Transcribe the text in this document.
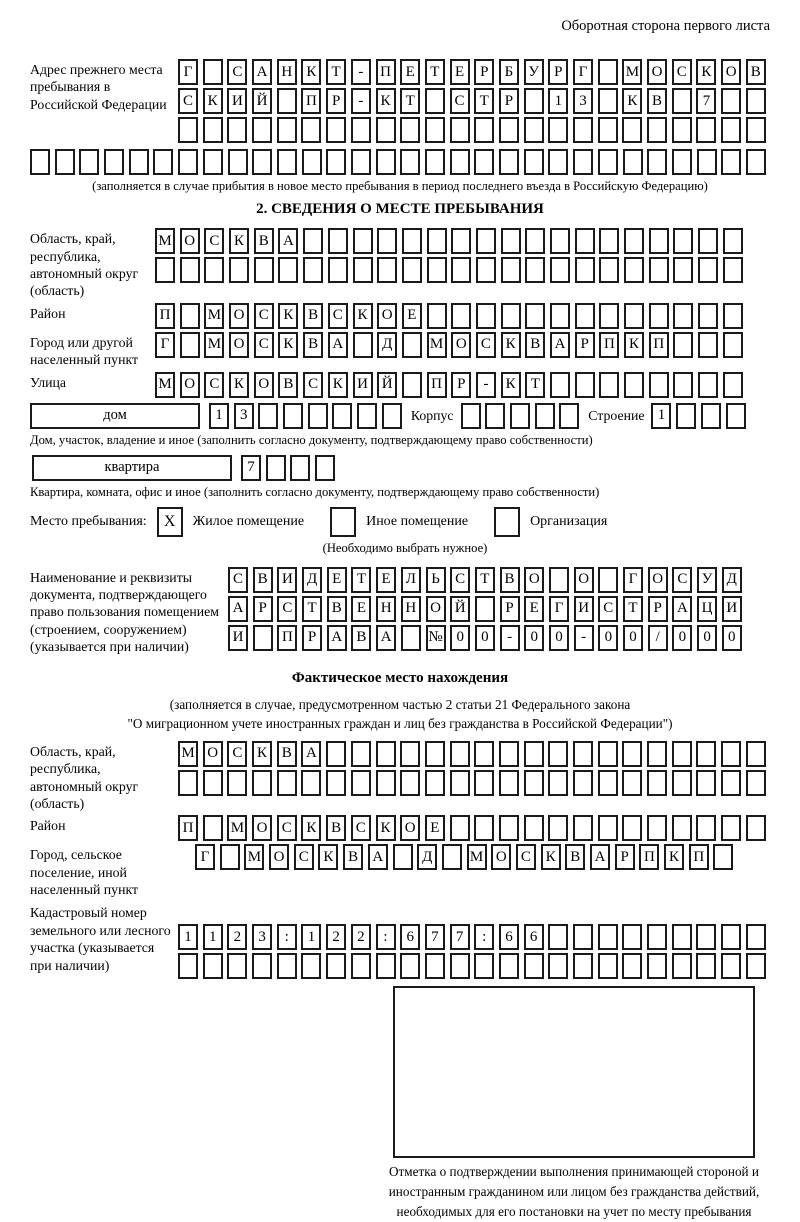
Оборотная сторона первого листа
Адрес прежнего места пребывания в Российской Федерации
Г	С А Н К	Т	-	П Е	Т	Е	Р	Б	У	Р	Г	М О С К О В
С К И Й	П	Р	-	К	Т	С	Т	Р	1	3	К В	7
(заполняется в случае прибытия в новое место пребывания в период последнего въезда в Российскую Федерацию)
2. СВЕДЕНИЯ О МЕСТЕ ПРЕБЫВАНИЯ
Область, край, республика, автономный округ (область)
М О С К В А
Район	П	М О С К В С К О Е
Город или другой населенный пункт
Г	М О С К В А	Д	М О С К В А	Р	П К П
Улица	М О С К О В С К И Й	П	Р	-	К	Т
дом	1	3	Корпус	Строение 1
Дом, участок, владение и иное (заполнить согласно документу, подтверждающему право собственности)
квартира	7
Квартира, комната, офис и иное (заполнить согласно документу, подтверждающему право собственности)
Место пребывания:	X	Жилое помещение	Иное помещение	Организация
(Необходимо выбрать нужное)
Наименование и реквизиты документа, подтверждающего право пользования помещением (строением, сооружением) (указывается при наличии)
С В И Д Е	Т	Е	Л	Ь	С	Т	В О	О	Г О С У Д
А	Р	С	Т	В	Е Н Н О Й	Р	Е	Г И С	Т	Р	А Ц И
И	П	Р	А В А	№ 0	0	-	0	0	-	0	0	/	0	0	0
Фактическое место нахождения
(заполняется в случае, предусмотренном частью 2 статьи 21 Федерального закона
"О миграционном учете иностранных граждан и лиц без гражданства в Российской Федерации")
Область, край, республика, автономный округ (область)
М О С К В А
Район	П	М О С К В С К О Е
Город, сельское поселение, иной населенный пункт
Г	М О С К В А	Д	М О С К В А	Р	П К П
Кадастровый номер земельного или лесного участка (указывается при наличии)
1	1	2	3	:	1	2	2	:	6	7	7	:	6	6
Отметка о подтверждении выполнения принимающей стороной и иностранным гражданином или лицом без гражданства действий, необходимых для его постановки на учет по месту пребывания
